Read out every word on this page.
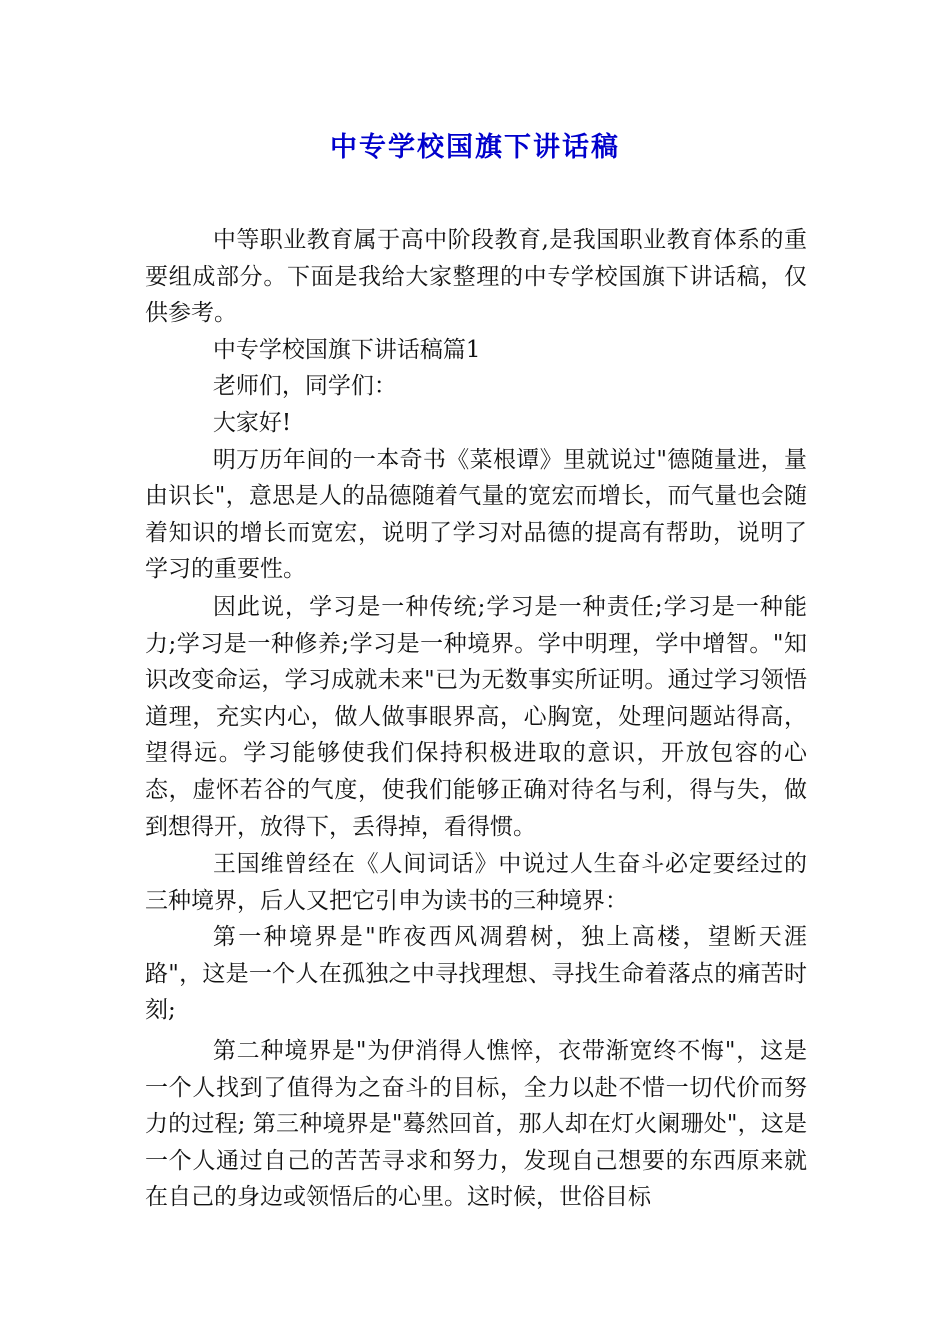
中专学校国旗下讲话稿

中等职业教育属于高中阶段教育,是我国职业教育体系的重要组成部分。下面是我给大家整理的中专学校国旗下讲话稿，仅供参考。

中专学校国旗下讲话稿篇1

老师们，同学们：

大家好!

明万历年间的一本奇书《菜根谭》里就说过"德随量进，量由识长"，意思是人的品德随着气量的宽宏而增长，而气量也会随着知识的增长而宽宏，说明了学习对品德的提高有帮助，说明了学习的重要性。

因此说，学习是一种传统;学习是一种责任;学习是一种能力;学习是一种修养;学习是一种境界。学中明理，学中增智。"知识改变命运，学习成就未来"已为无数事实所证明。通过学习领悟道理，充实内心，做人做事眼界高，心胸宽，处理问题站得高，望得远。学习能够使我们保持积极进取的意识，开放包容的心态，虚怀若谷的气度，使我们能够正确对待名与利，得与失，做到想得开，放得下，丢得掉，看得惯。

王国维曾经在《人间词话》中说过人生奋斗必定要经过的三种境界，后人又把它引申为读书的三种境界：

第一种境界是"昨夜西风凋碧树，独上高楼，望断天涯路"，这是一个人在孤独之中寻找理想、寻找生命着落点的痛苦时刻;

第二种境界是"为伊消得人憔悴，衣带渐宽终不悔"，这是一个人找到了值得为之奋斗的目标，全力以赴不惜一切代价而努力的过程; 第三种境界是"蓦然回首，那人却在灯火阑珊处"，这是一个人通过自己的苦苦寻求和努力，发现自己想要的东西原来就在自己的身边或领悟后的心里。这时候，世俗目标
